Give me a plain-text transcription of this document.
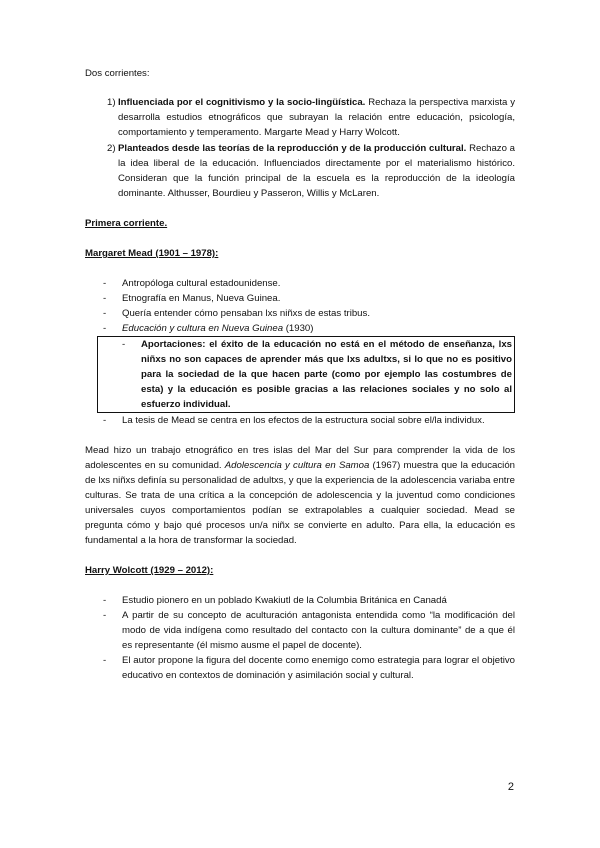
Dos corrientes:

1) Influenciada por el cognitivismo y la socio-lingüística. Rechaza la perspectiva marxista y desarrolla estudios etnográficos que subrayan la relación entre educación, psicología, comportamiento y temperamento. Margarte Mead y Harry Wolcott.
2) Planteados desde las teorías de la reproducción y de la producción cultural. Rechazo a la idea liberal de la educación. Influenciados directamente por el materialismo histórico. Consideran que la función principal de la escuela es la reproducción de la ideología dominante. Althusser, Bourdieu y Passeron, Willis y McLaren.

Primera corriente.

Margaret Mead (1901 – 1978):

-	Antropóloga cultural estadounidense.
-	Etnografía en Manus, Nueva Guinea.
-	Quería entender cómo pensaban lxs niñxs de estas tribus.
-	Educación y cultura en Nueva Guinea (1930)
-	Aportaciones: el éxito de la educación no está en el método de enseñanza, lxs niñxs no son capaces de aprender más que lxs adultxs, si lo que no es positivo para la sociedad de la que hacen parte (como por ejemplo las costumbres de esta) y la educación es posible gracias a las relaciones sociales y no solo al esfuerzo individual.
-	La tesis de Mead se centra en los efectos de la estructura social sobre el/la individux.

Mead hizo un trabajo etnográfico en tres islas del Mar del Sur para comprender la vida de los adolescentes en su comunidad. Adolescencia y cultura en Samoa (1967) muestra que la educación de lxs niñxs definía su personalidad de adultxs, y que la experiencia de la adolescencia variaba entre culturas. Se trata de una crítica a la concepción de adolescencia y la juventud como condiciones universales cuyos comportamientos podían se extrapolables a cualquier sociedad. Mead se pregunta cómo y bajo qué procesos un/a niñx se convierte en adulto. Para ella, la educación es fundamental a la hora de transformar la sociedad.

Harry Wolcott (1929 – 2012):

-	Estudio pionero en un poblado Kwakiutl de la Columbia Británica en Canadá
-	A partir de su concepto de aculturación antagonista entendida como “la modificación del modo de vida indígena como resultado del contacto con la cultura dominante” de a que él es representante (él mismo ausme el papel de docente).
-	El autor propone la figura del docente como enemigo como estrategia para lograr el objetivo educativo en contextos de dominación y asimilación social y cultural.
2
